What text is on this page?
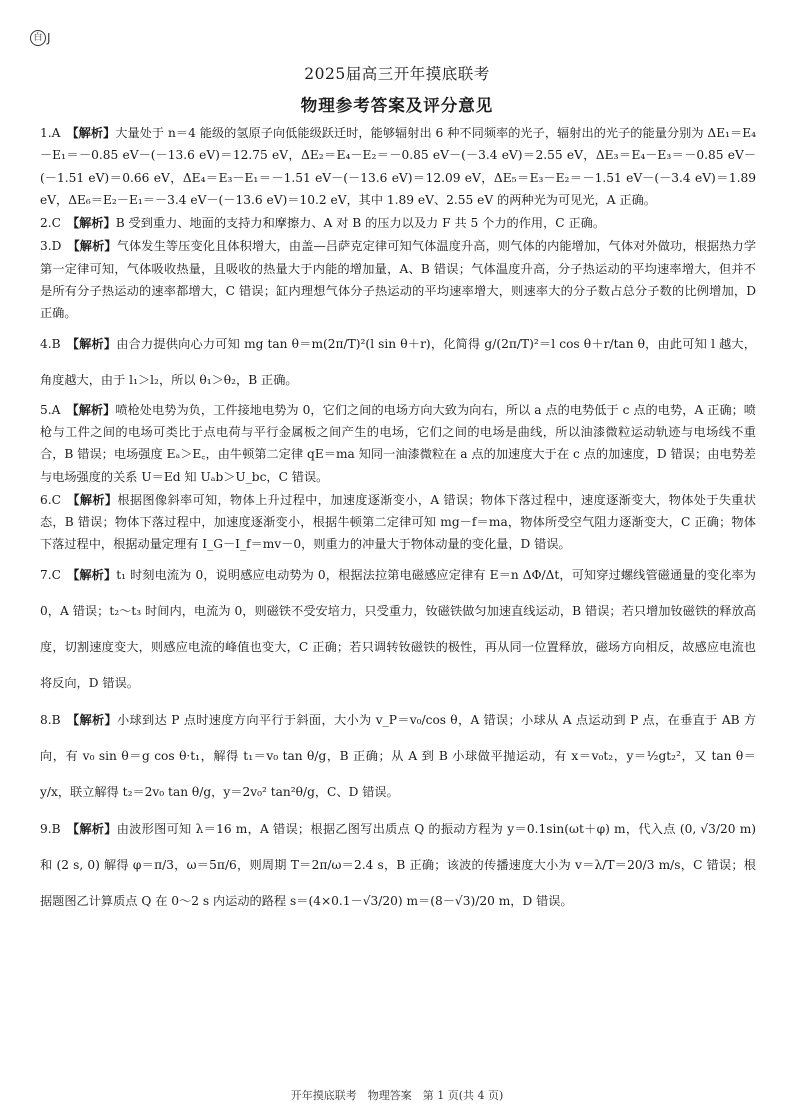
白 J
2025届高三开年摸底联考
物理参考答案及评分意见

1.A 【解析】大量处于 n＝4 能级的氢原子向低能级跃迁时，能够辐射出 6 种不同频率的光子，辐射出的光子的能量分别为 ΔE₁＝E₄－E₁＝－0.85 eV－(－13.6 eV)＝12.75 eV，ΔE₂＝E₄－E₂＝－0.85 eV－(－3.4 eV)＝2.55 eV，ΔE₃＝E₄－E₃＝－0.85 eV－(－1.51 eV)＝0.66 eV，ΔE₄＝E₃－E₁＝－1.51 eV－(－13.6 eV)＝12.09 eV，ΔE₅＝E₃－E₂＝－1.51 eV－(－3.4 eV)＝1.89 eV，ΔE₆＝E₂－E₁＝－3.4 eV－(－13.6 eV)＝10.2 eV，其中 1.89 eV、2.55 eV 的两种光为可见光，A 正确。

2.C 【解析】B 受到重力、地面的支持力和摩擦力、A 对 B 的压力以及力 F 共 5 个力的作用，C 正确。

3.D 【解析】气体发生等压变化且体积增大，由盖—吕萨克定律可知气体温度升高，则气体的内能增加，气体对外做功，根据热力学第一定律可知，气体吸收热量，且吸收的热量大于内能的增加量，A、B 错误；气体温度升高，分子热运动的平均速率增大，但并不是所有分子热运动的速率都增大，C 错误；缸内理想气体分子热运动的平均速率增大，则速率大的分子数占总分子数的比例增加，D 正确。

4.B 【解析】由合力提供向心力可知 mg tan θ＝m(2π/T)²(l sin θ＋r)，化简得 g/(2π/T)²＝l cos θ＋r/tan θ，由此可知 l 越大，角度越大，由于 l₁＞l₂，所以 θ₁＞θ₂，B 正确。

5.A 【解析】喷枪处电势为负，工件接地电势为 0，它们之间的电场方向大致为向右，所以 a 点的电势低于 c 点的电势，A 正确；喷枪与工件之间的电场可类比于点电荷与平行金属板之间产生的电场，它们之间的电场是曲线，所以油漆微粒运动轨迹与电场线不重合，B 错误；电场强度 Eₐ＞E꜀，由牛顿第二定律 qE＝ma 知同一油漆微粒在 a 点的加速度大于在 c 点的加速度，D 错误；由电势差与电场强度的关系 U＝Ed 知 Uₐb＞U_bc，C 错误。

6.C 【解析】根据图像斜率可知，物体上升过程中，加速度逐渐变小，A 错误；物体下落过程中，速度逐渐变大，物体处于失重状态，B 错误；物体下落过程中，加速度逐渐变小，根据牛顿第二定律可知 mg－f＝ma，物体所受空气阻力逐渐变大，C 正确；物体下落过程中，根据动量定理有 I_G－I_f＝mv－0，则重力的冲量大于物体动量的变化量，D 错误。

7.C 【解析】t₁ 时刻电流为 0，说明感应电动势为 0，根据法拉第电磁感应定律有 E＝n ΔΦ/Δt，可知穿过螺线管磁通量的变化率为 0，A 错误；t₂～t₃ 时间内，电流为 0，则磁铁不受安培力，只受重力，钕磁铁做匀加速直线运动，B 错误；若只增加钕磁铁的释放高度，切割速度变大，则感应电流的峰值也变大，C 正确；若只调转钕磁铁的极性，再从同一位置释放，磁场方向相反，故感应电流也将反向，D 错误。

8.B 【解析】小球到达 P 点时速度方向平行于斜面，大小为 v_P＝v₀/cos θ，A 错误；小球从 A 点运动到 P 点，在垂直于 AB 方向，有 v₀ sin θ＝g cos θ·t₁，解得 t₁＝v₀ tan θ/g，B 正确；从 A 到 B 小球做平抛运动，有 x＝v₀t₂，y＝½gt₂²，又 tan θ＝y/x，联立解得 t₂＝2v₀ tan θ/g，y＝2v₀² tan²θ/g，C、D 错误。

9.B 【解析】由波形图可知 λ＝16 m，A 错误；根据乙图写出质点 Q 的振动方程为 y＝0.1sin(ωt＋φ) m，代入点 (0, √3/20 m) 和 (2 s, 0) 解得 φ＝π/3，ω＝5π/6，则周期 T＝2π/ω＝2.4 s，B 正确；该波的传播速度大小为 v＝λ/T＝20/3 m/s，C 错误；根据题图乙计算质点 Q 在 0～2 s 内运动的路程 s＝(4×0.1－√3/20) m＝(8－√3)/20 m，D 错误。

开年摸底联考　物理答案　第 1 页(共 4 页)
